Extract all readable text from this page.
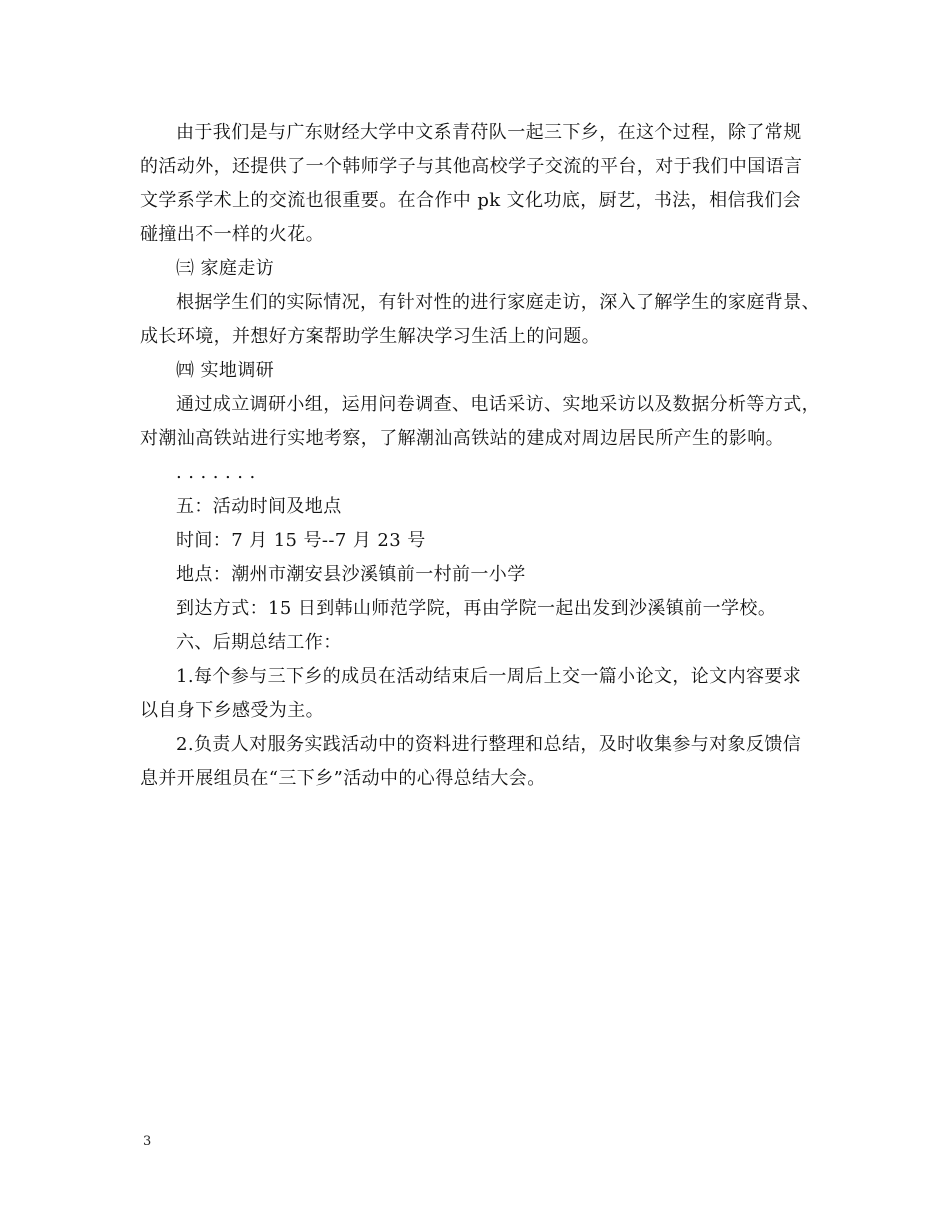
由于我们是与广东财经大学中文系青苻队一起三下乡，在这个过程，除了常规
的活动外，还提供了一个韩师学子与其他高校学子交流的平台，对于我们中国语言
文学系学术上的交流也很重要。在合作中 pk 文化功底，厨艺，书法，相信我们会
碰撞出不一样的火花。
㈢ 家庭走访
根据学生们的实际情况，有针对性的进行家庭走访，深入了解学生的家庭背景、
成长环境，并想好方案帮助学生解决学习生活上的问题。
㈣ 实地调研
通过成立调研小组，运用问卷调查、电话采访、实地采访以及数据分析等方式，
对潮汕高铁站进行实地考察，了解潮汕高铁站的建成对周边居民所产生的影响。
. . . . . . .
五：活动时间及地点
时间：7 月 15 号--7 月 23 号
地点：潮州市潮安县沙溪镇前一村前一小学
到达方式：15 日到韩山师范学院，再由学院一起出发到沙溪镇前一学校。
六、后期总结工作：
1.每个参与三下乡的成员在活动结束后一周后上交一篇小论文，论文内容要求
以自身下乡感受为主。
2.负责人对服务实践活动中的资料进行整理和总结，及时收集参与对象反馈信
息并开展组员在“三下乡”活动中的心得总结大会。
3
